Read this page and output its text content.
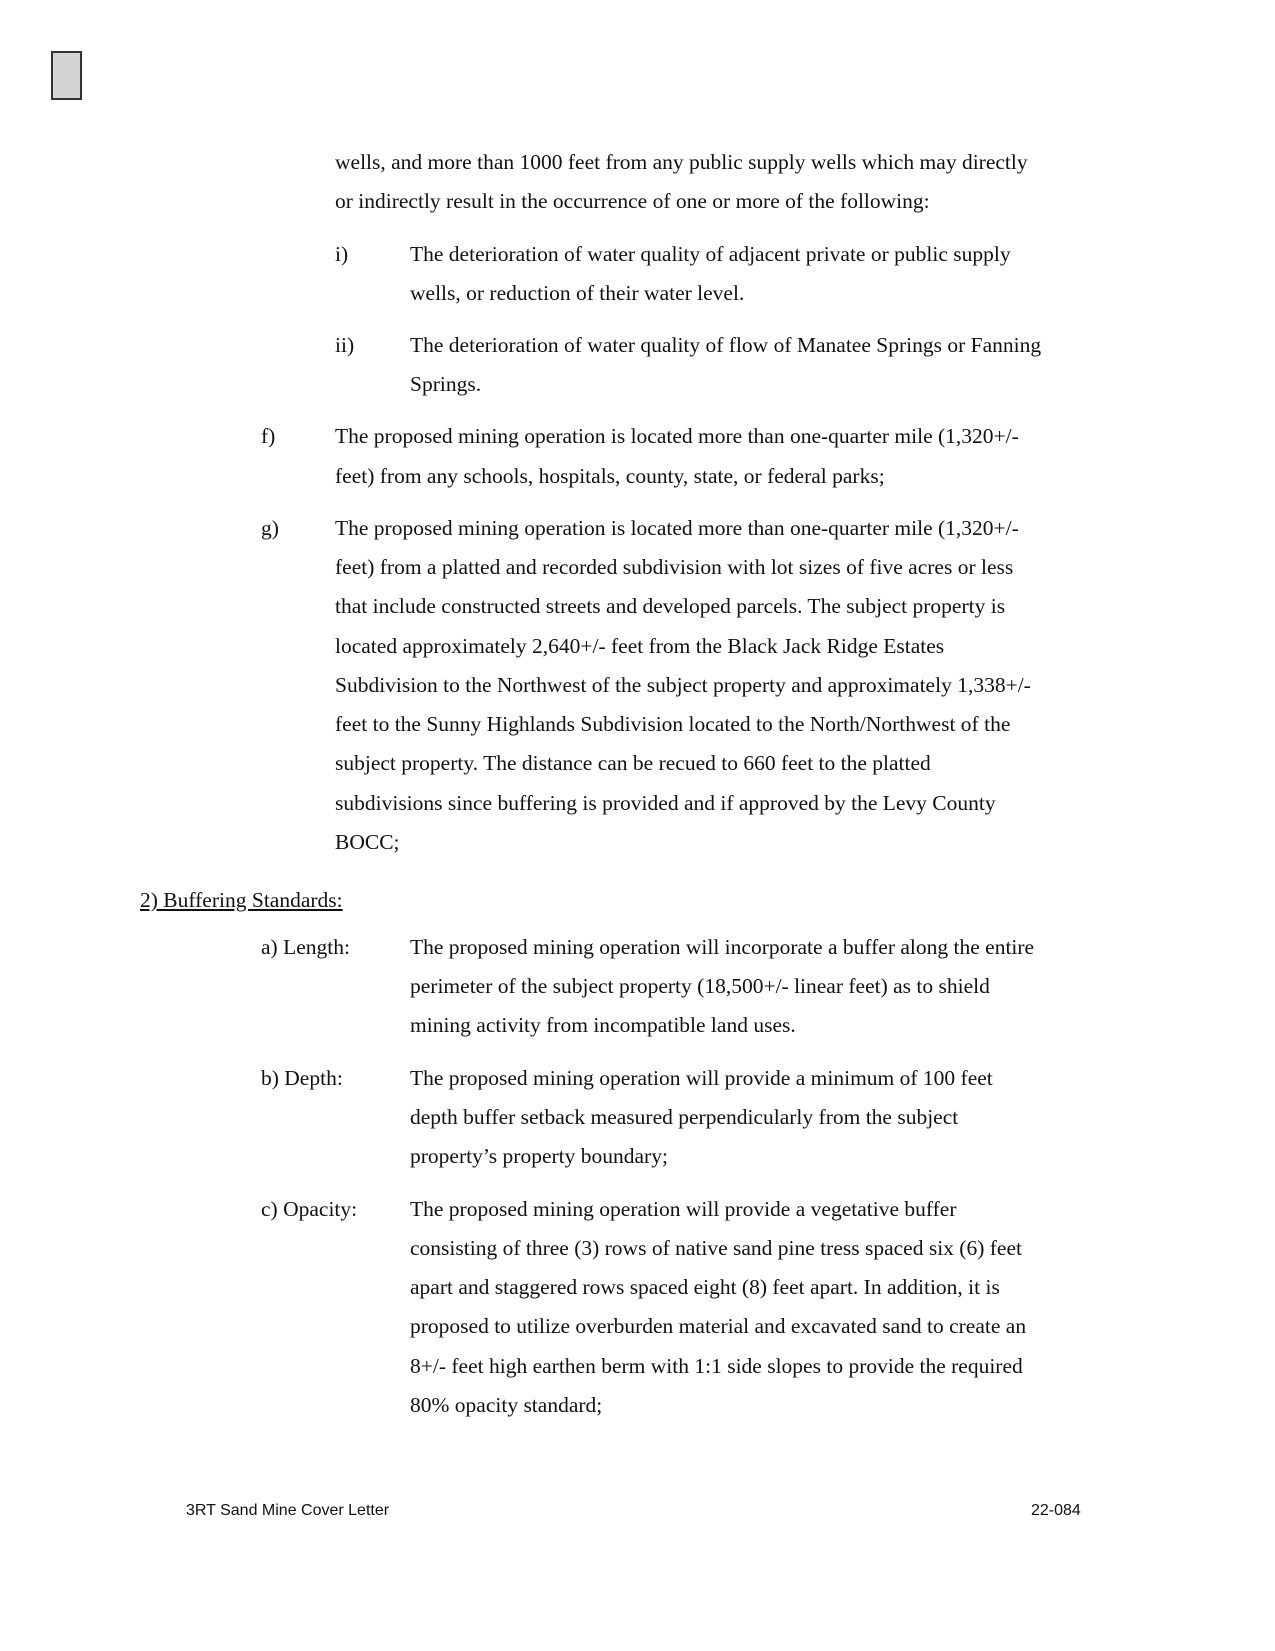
wells, and more than 1000 feet from any public supply wells which may directly
or indirectly result in the occurrence of one or more of the following:
i)	The deterioration of water quality of adjacent private or public supply
wells, or reduction of their water level.
ii)	The deterioration of water quality of flow of Manatee Springs or Fanning
Springs.
f)	The proposed mining operation is located more than one-quarter mile (1,320+/-
feet) from any schools, hospitals, county, state, or federal parks;
g)	The proposed mining operation is located more than one-quarter mile (1,320+/-
feet) from a platted and recorded subdivision with lot sizes of five acres or less
that include constructed streets and developed parcels. The subject property is
located approximately 2,640+/- feet from the Black Jack Ridge Estates
Subdivision to the Northwest of the subject property and approximately 1,338+/-
feet to the Sunny Highlands Subdivision located to the North/Northwest of the
subject property. The distance can be recued to 660 feet to the platted
subdivisions since buffering is provided and if approved by the Levy County
BOCC;
2) Buffering Standards:
a) Length:	The proposed mining operation will incorporate a buffer along the entire
perimeter of the subject property (18,500+/- linear feet) as to shield
mining activity from incompatible land uses.
b) Depth:	The proposed mining operation will provide a minimum of 100 feet
depth buffer setback measured perpendicularly from the subject
property’s property boundary;
c) Opacity: The proposed mining operation will provide a vegetative buffer
consisting of three (3) rows of native sand pine tress spaced six (6) feet
apart and staggered rows spaced eight (8) feet apart. In addition, it is
proposed to utilize overburden material and excavated sand to create an
8+/- feet high earthen berm with 1:1 side slopes to provide the required
80% opacity standard;
3RT Sand Mine Cover Letter	22-084
